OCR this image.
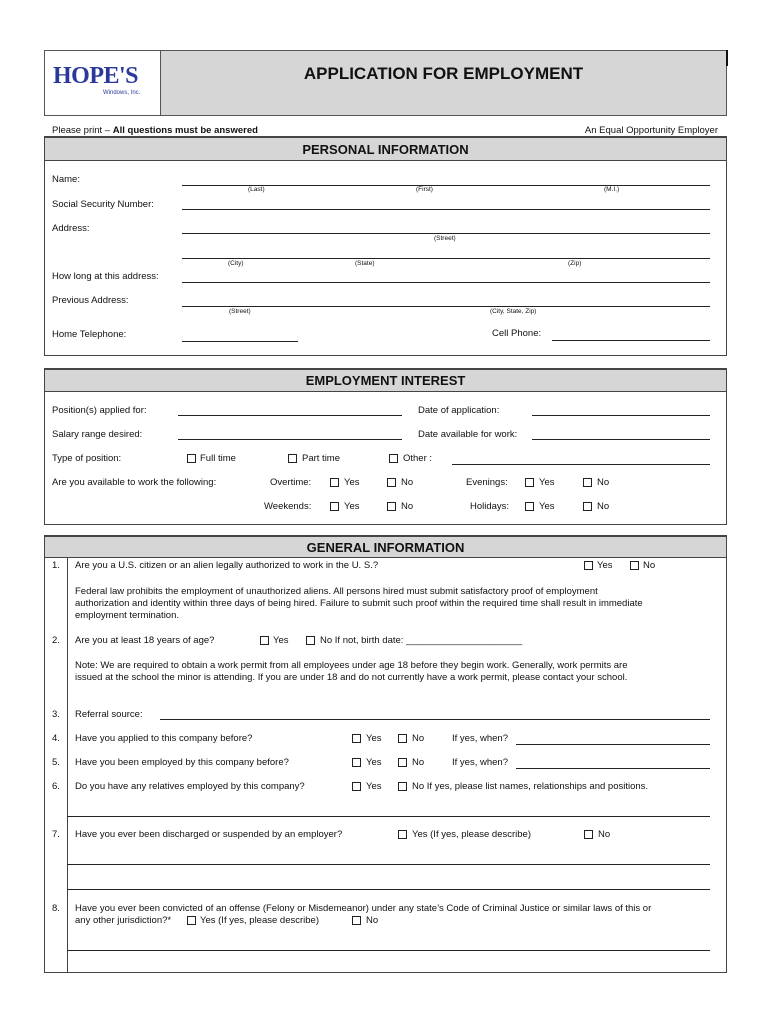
HOPE'S
Windows, Inc.
APPLICATION FOR EMPLOYMENT
Please print – All questions must be answered	An Equal Opportunity Employer
PERSONAL INFORMATION
Name:
(Last)	(First)	(M.I.)
Social Security Number:
Address:
(Street)
(City)	(State)	(Zip)
How long at this address:
Previous Address:
(Street)	(City, State, Zip)
Home Telephone:	Cell Phone:
EMPLOYMENT INTEREST
Position(s) applied for:	Date of application:
Salary range desired:	Date available for work:
Type of position:	Full time	Part time	Other :
Are you available to work the following:	Overtime:	Yes	No	Evenings:	Yes	No
Weekends:	Yes	No	Holidays:	Yes	No
GENERAL INFORMATION
1. Are you a U.S. citizen or an alien legally authorized to work in the U. S.?	Yes	No
Federal law prohibits the employment of unauthorized aliens. All persons hired must submit satisfactory proof of employment
authorization and identity within three days of being hired. Failure to submit such proof within the required time shall result in immediate
employment termination.
2. Are you at least 18 years of age?	Yes	No If not, birth date: ______________________
Note: We are required to obtain a work permit from all employees under age 18 before they begin work. Generally, work permits are
issued at the school the minor is attending. If you are under 18 and do not currently have a work permit, please contact your school.
3. Referral source:
4. Have you applied to this company before?	Yes	No	If yes, when?
5. Have you been employed by this company before?	Yes	No	If yes, when?
6. Do you have any relatives employed by this company?	Yes	No If yes, please list names, relationships and positions.
7. Have you ever been discharged or suspended by an employer?	Yes (If yes, please describe)	No
8. Have you ever been convicted of an offense (Felony or Misdemeanor) under any state’s Code of Criminal Justice or similar laws of this or
any other jurisdiction?*	Yes (If yes, please describe)	No
